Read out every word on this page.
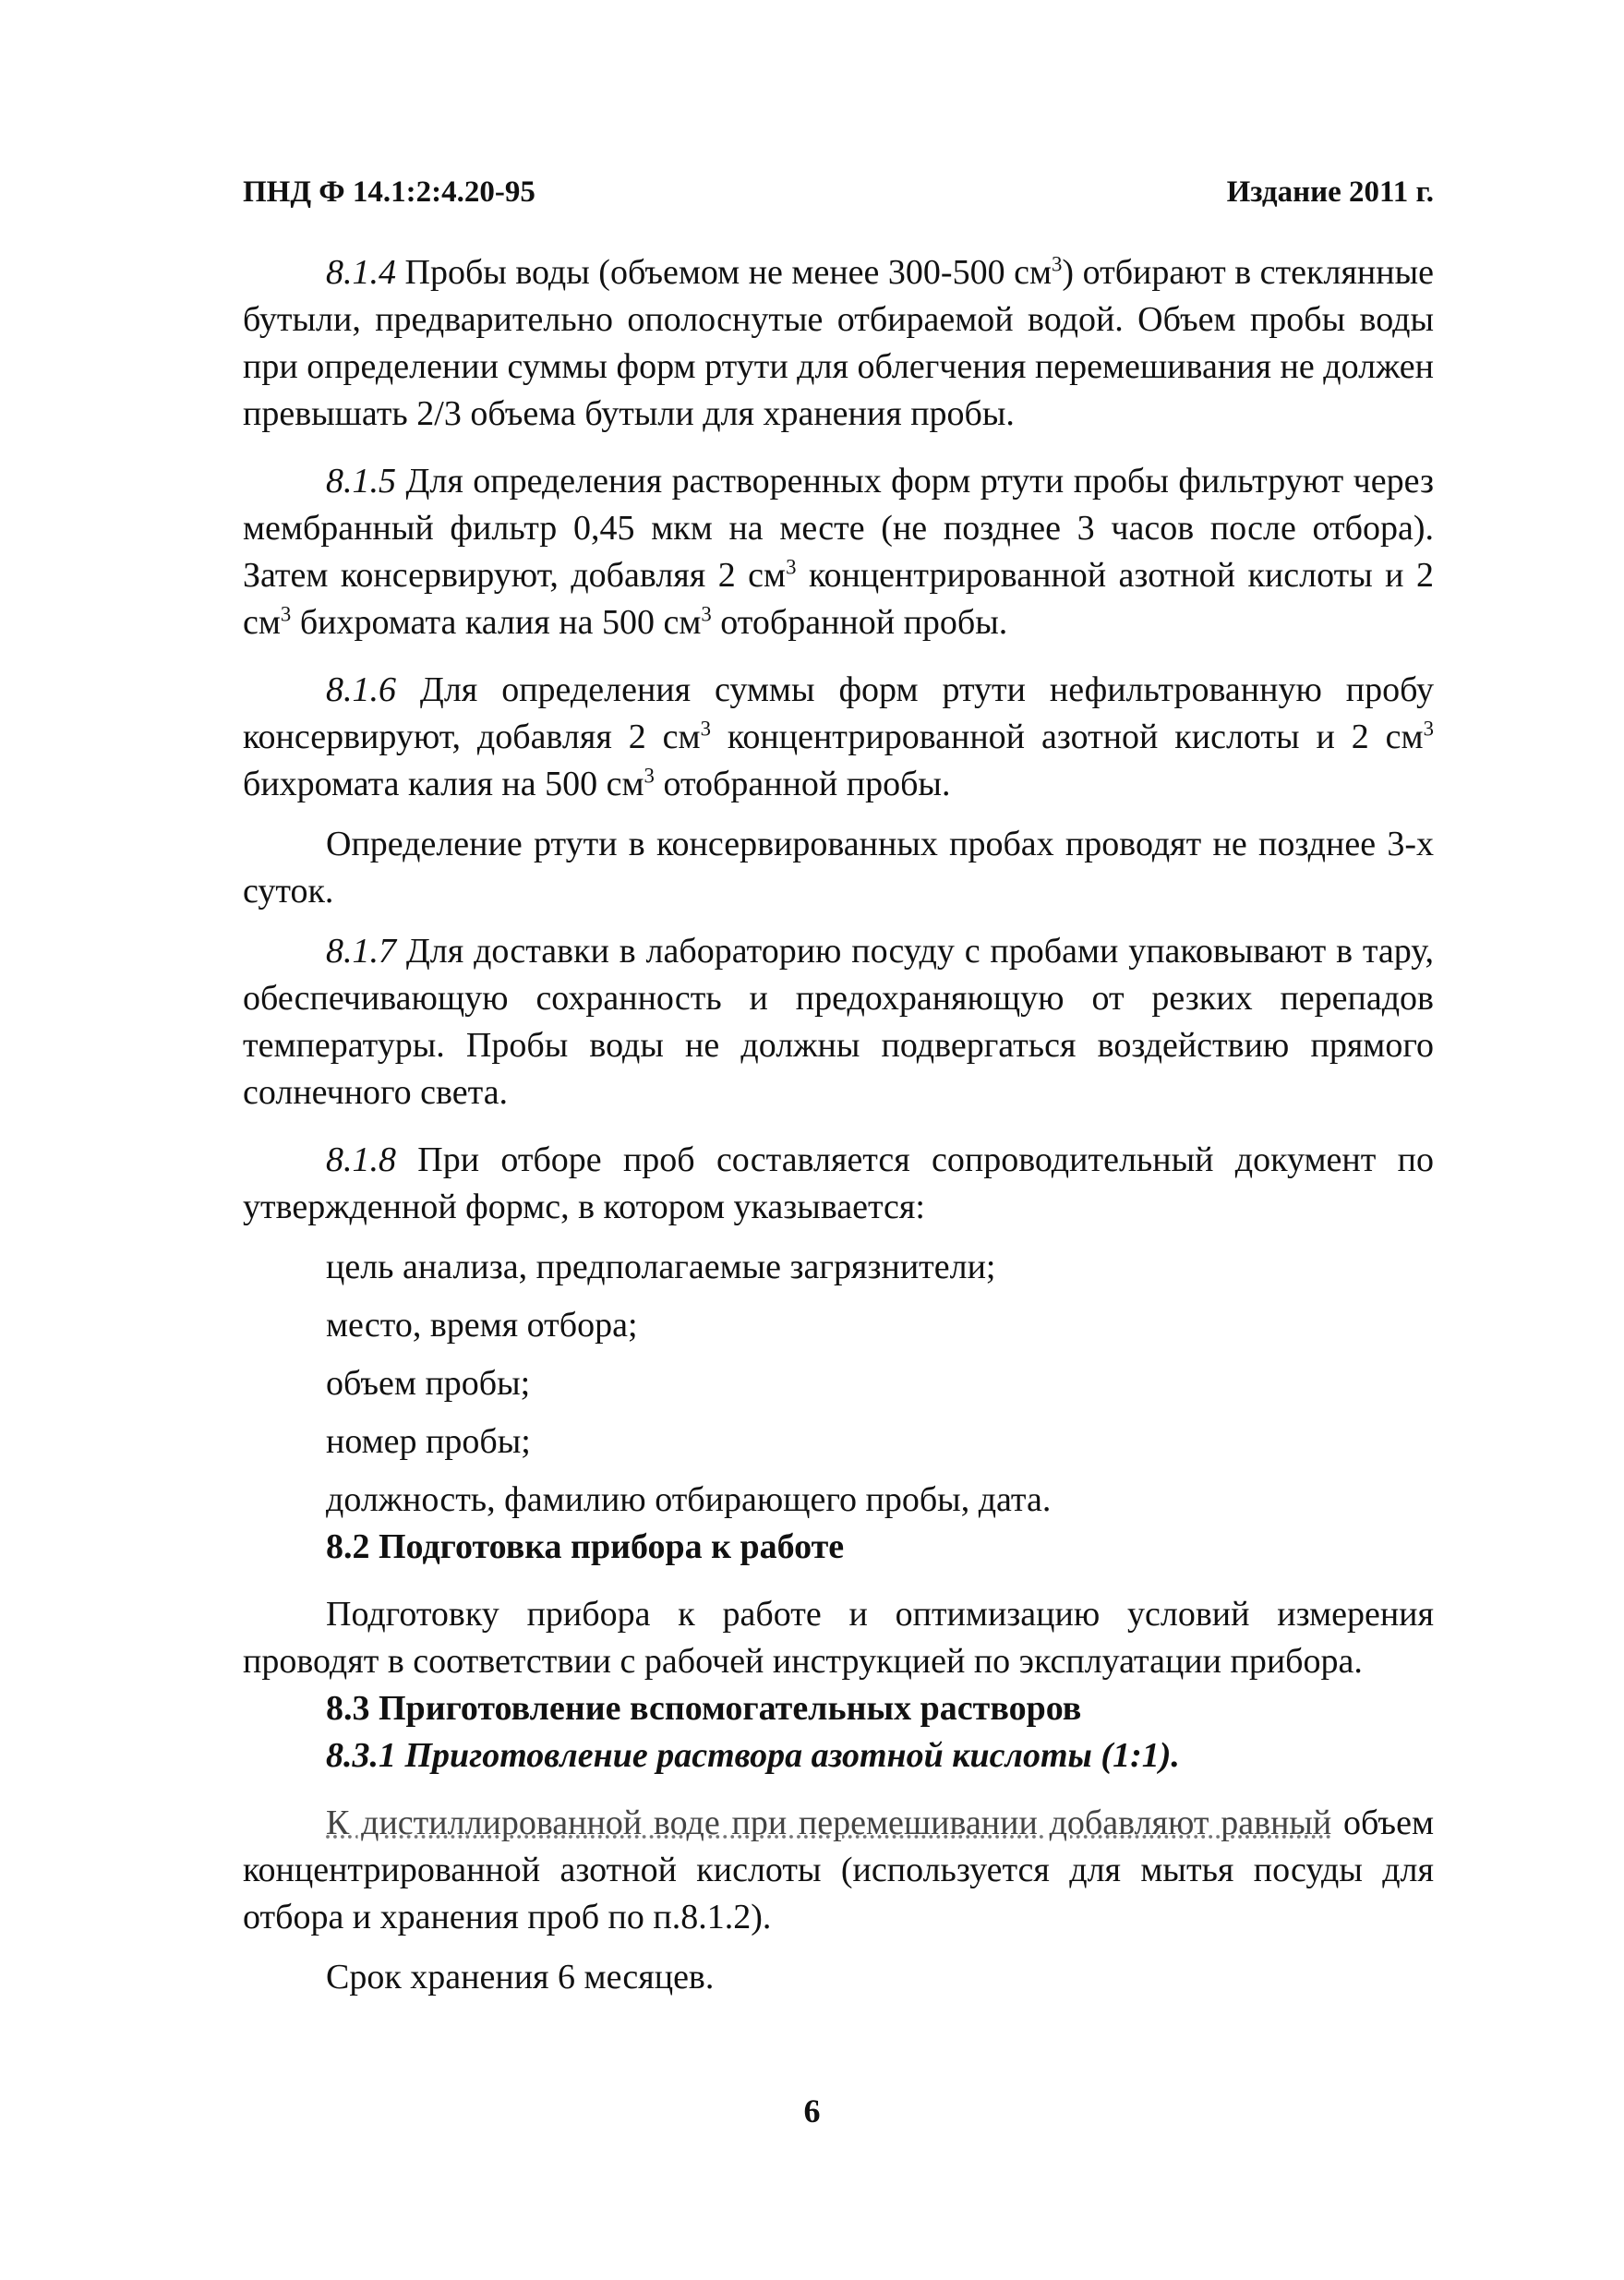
ПНД Ф 14.1:2:4.20-95	Издание 2011 г.

8.1.4 Пробы воды (объемом не менее 300-500 $см^3$) отбирают в стеклянные бутыли, предварительно ополоснутые отбираемой водой. Объем пробы воды при определении суммы форм ртути для облегчения перемешивания не должен превышать 2/3 объема бутыли для хранения пробы.

8.1.5 Для определения растворенных форм ртути пробы фильтруют через мембранный фильтр 0,45 мкм на месте (не позднее 3 часов после отбора). Затем консервируют, добавляя 2 $см^3$ концентрированной азотной кислоты и 2 $см^3$ бихромата калия на 500 $см^3$ отобранной пробы.

8.1.6 Для определения суммы форм ртути нефильтрованную пробу консервируют, добавляя 2 $см^3$ концентрированной азотной кислоты и 2 $см^3$ бихромата калия на 500 $см^3$ отобранной пробы.

Определение ртути в консервированных пробах проводят не позднее 3-х суток.

8.1.7 Для доставки в лабораторию посуду с пробами упаковывают в тару, обеспечивающую сохранность и предохраняющую от резких перепадов температуры. Пробы воды не должны подвергаться воздействию прямого солнечного света.

8.1.8 При отборе проб составляется сопроводительный документ по утвержденной формс, в котором указывается:

цель анализа, предполагаемые загрязнители;

место, время отбора;

объем пробы;

номер пробы;

должность, фамилию отбирающего пробы, дата.

8.2 Подготовка прибора к работе

Подготовку прибора к работе и оптимизацию условий измерения проводят в соответствии с рабочей инструкцией по эксплуатации прибора.

8.3 Приготовление вспомогательных растворов

8.3.1 Приготовление раствора азотной кислоты (1:1).

К дистиллированной воде при перемешивании добавляют равный объем концентрированной азотной кислоты (используется для мытья посуды для отбора и хранения проб по п.8.1.2).

Срок хранения 6 месяцев.

6
